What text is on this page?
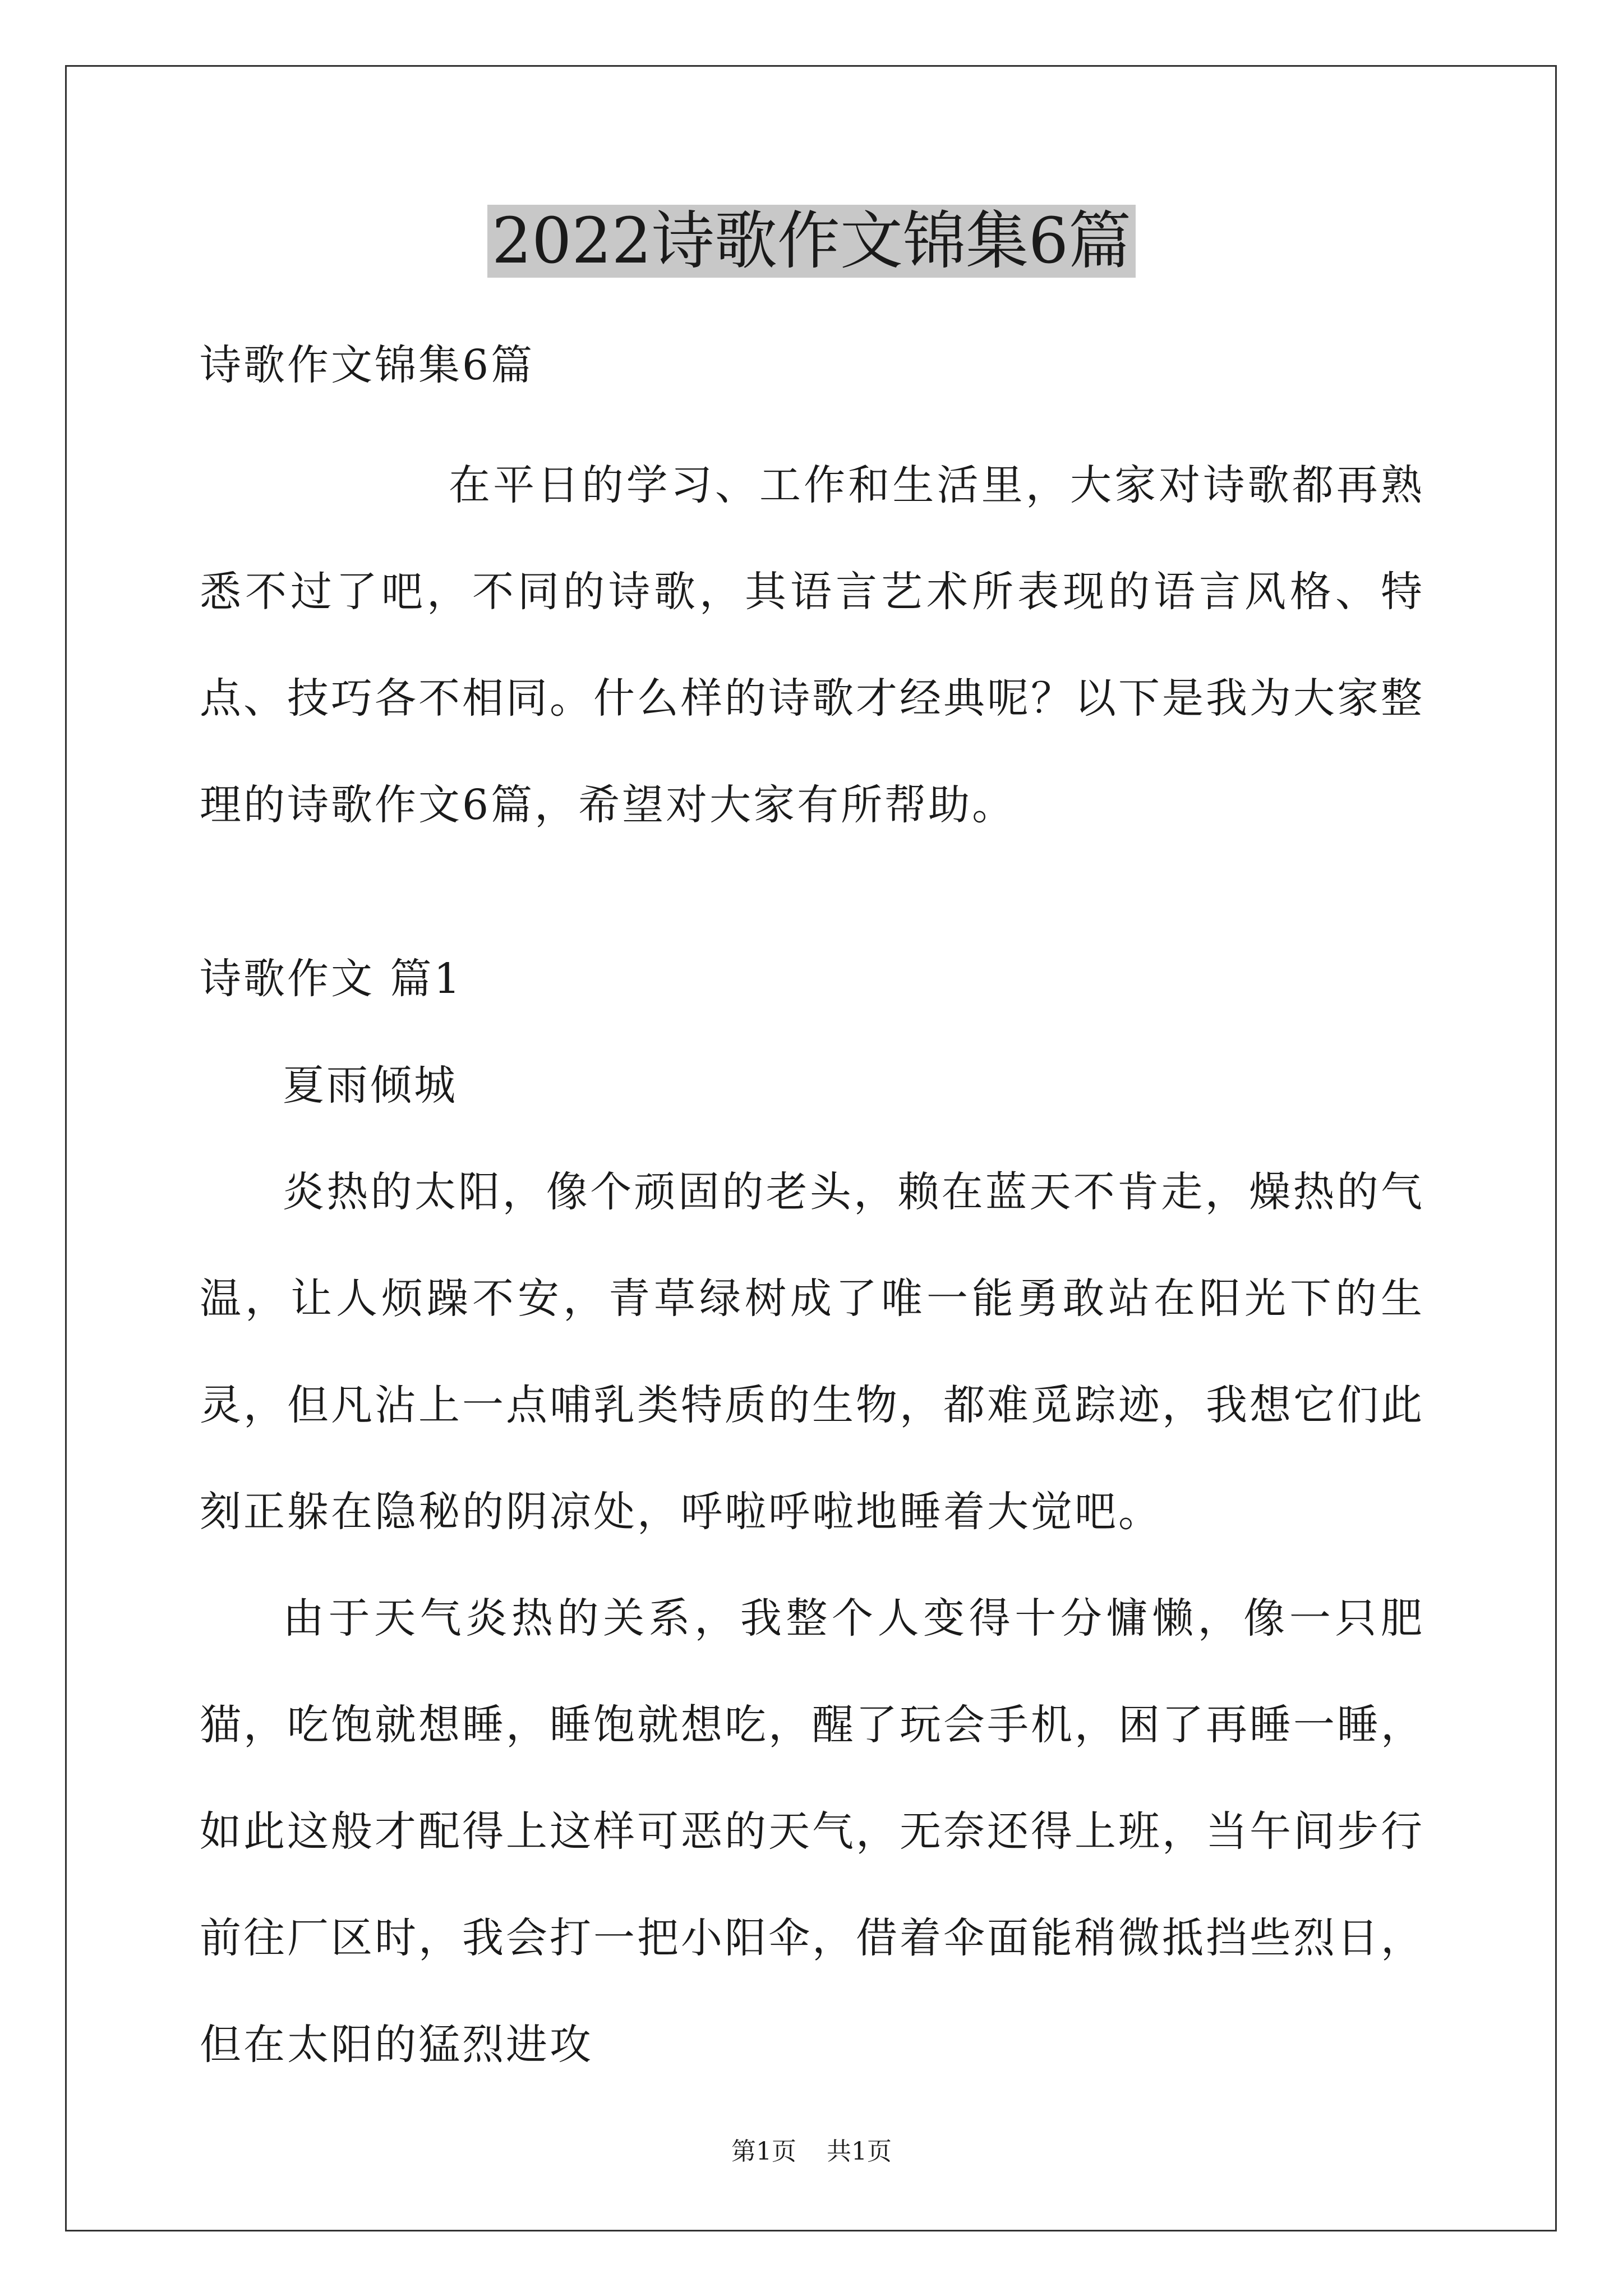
2022诗歌作文锦集6篇

诗歌作文锦集6篇

在平日的学习、工作和生活里，大家对诗歌都再熟悉不过了吧，不同的诗歌，其语言艺术所表现的语言风格、特点、技巧各不相同。什么样的诗歌才经典呢？以下是我为大家整理的诗歌作文6篇，希望对大家有所帮助。

诗歌作文 篇1

夏雨倾城

炎热的太阳，像个顽固的老头，赖在蓝天不肯走，燥热的气温，让人烦躁不安，青草绿树成了唯一能勇敢站在阳光下的生灵，但凡沾上一点哺乳类特质的生物，都难觅踪迹，我想它们此刻正躲在隐秘的阴凉处，呼啦呼啦地睡着大觉吧。

由于天气炎热的关系，我整个人变得十分慵懒，像一只肥猫，吃饱就想睡，睡饱就想吃，醒了玩会手机，困了再睡一睡，如此这般才配得上这样可恶的天气，无奈还得上班，当午间步行前往厂区时，我会打一把小阳伞，借着伞面能稍微抵挡些烈日，但在太阳的猛烈进攻

第1页 共1页
